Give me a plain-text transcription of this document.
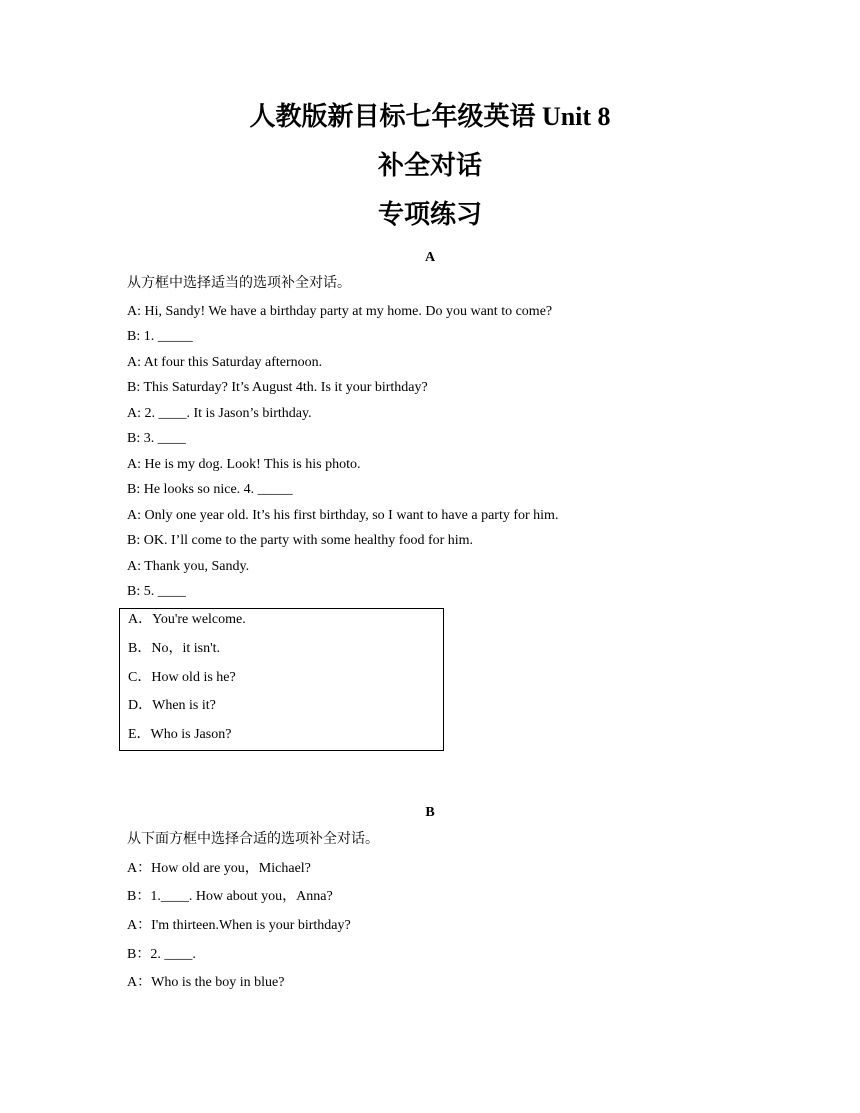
人教版新目标七年级英语 Unit 8
补全对话
专项练习
A
从方框中选择适当的选项补全对话。
A: Hi, Sandy! We have a birthday party at my home. Do you want to come?
B: 1. _____
A: At four this Saturday afternoon.
B: This Saturday? It’s August 4th. Is it your birthday?
A: 2. ____. It is Jason’s birthday.
B: 3. ____
A: He is my dog. Look! This is his photo.
B: He looks so nice. 4. _____
A: Only one year old. It’s his first birthday, so I want to have a party for him.
B: OK. I’ll come to the party with some healthy food for him.
A: Thank you, Sandy.
B: 5. ____
A．You're welcome.
B．No，it isn't.
C．How old is he?
D．When is it?
E．Who is Jason?
B
从下面方框中选择合适的选项补全对话。
A：How old are you，Michael?
B：1.____. How about you，Anna?
A：I'm thirteen.When is your birthday?
B：2. ____.
A：Who is the boy in blue?
